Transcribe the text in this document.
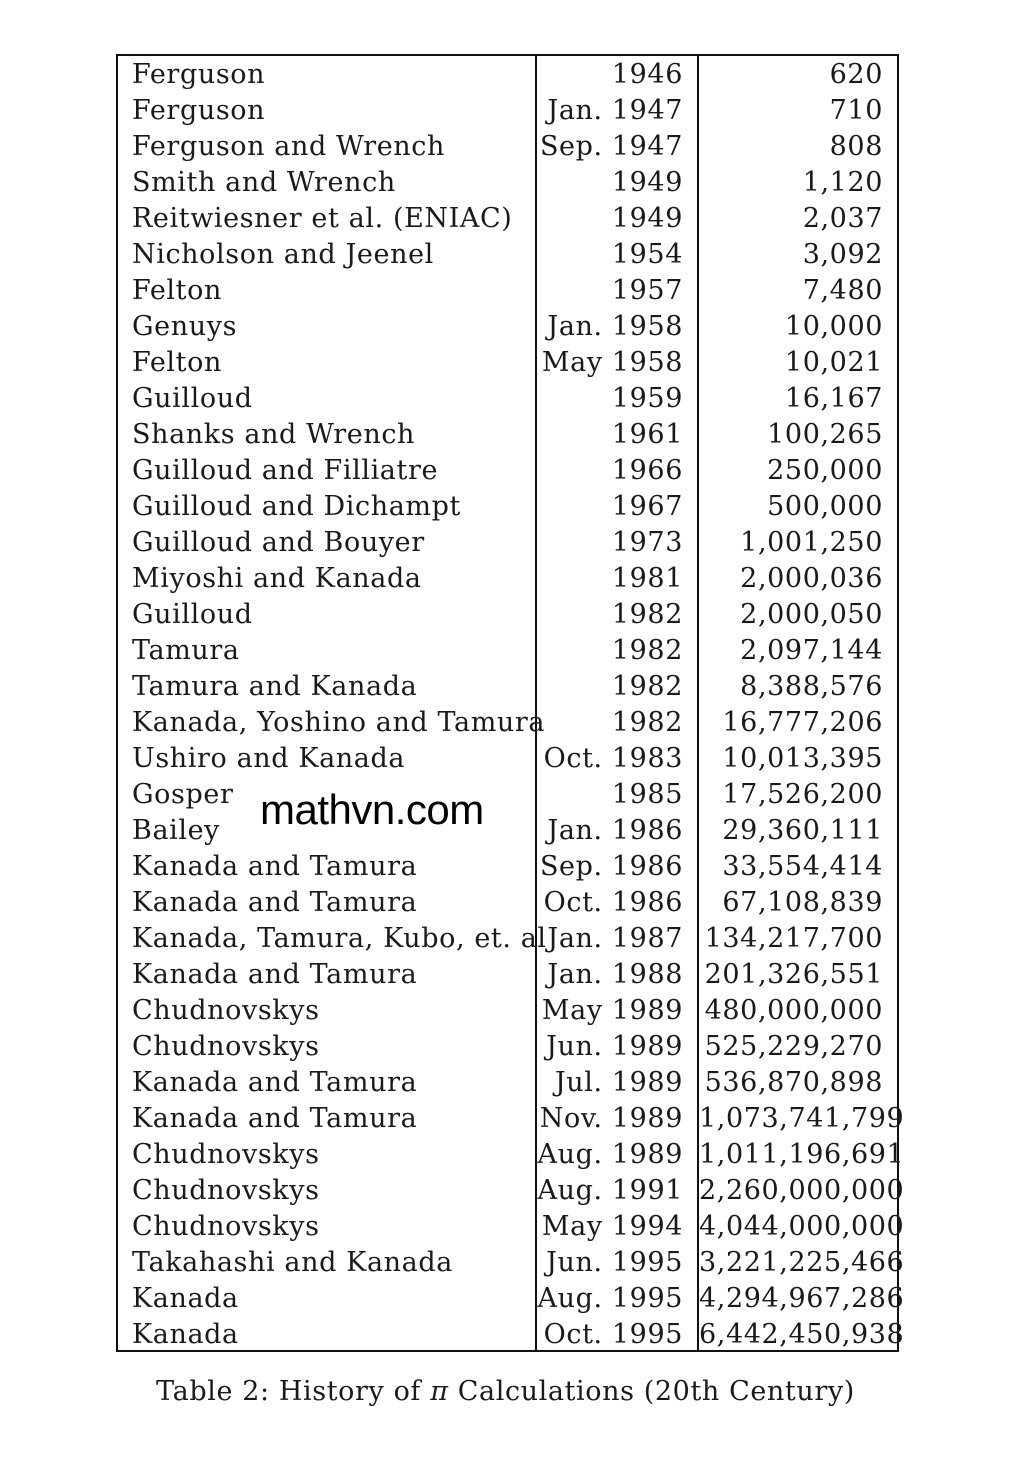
Ferguson	1946	620
Ferguson	Jan. 1947	710
Ferguson and Wrench	Sep. 1947	808
Smith and Wrench	1949	1,120
Reitwiesner et al. (ENIAC)	1949	2,037
Nicholson and Jeenel	1954	3,092
Felton	1957	7,480
Genuys	Jan. 1958	10,000
Felton	May 1958	10,021
Guilloud	1959	16,167
Shanks and Wrench	1961	100,265
Guilloud and Filliatre	1966	250,000
Guilloud and Dichampt	1967	500,000
Guilloud and Bouyer	1973	1,001,250
Miyoshi and Kanada	1981	2,000,036
Guilloud	1982	2,000,050
Tamura	1982	2,097,144
Tamura and Kanada	1982	8,388,576
Kanada, Yoshino and Tamura	1982	16,777,206
Ushiro and Kanada	Oct. 1983	10,013,395
Gosper	1985	17,526,200
Bailey	Jan. 1986	29,360,111
Kanada and Tamura	Sep. 1986	33,554,414
Kanada and Tamura	Oct. 1986	67,108,839
Kanada, Tamura, Kubo, et. al	Jan. 1987	134,217,700
Kanada and Tamura	Jan. 1988	201,326,551
Chudnovskys	May 1989	480,000,000
Chudnovskys	Jun. 1989	525,229,270
Kanada and Tamura	Jul. 1989	536,870,898
Kanada and Tamura	Nov. 1989	1,073,741,799
Chudnovskys	Aug. 1989	1,011,196,691
Chudnovskys	Aug. 1991	2,260,000,000
Chudnovskys	May 1994	4,044,000,000
Takahashi and Kanada	Jun. 1995	3,221,225,466
Kanada	Aug. 1995	4,294,967,286
Kanada	Oct. 1995	6,442,450,938
mathvn.com
Table 2: History of π Calculations (20th Century)
